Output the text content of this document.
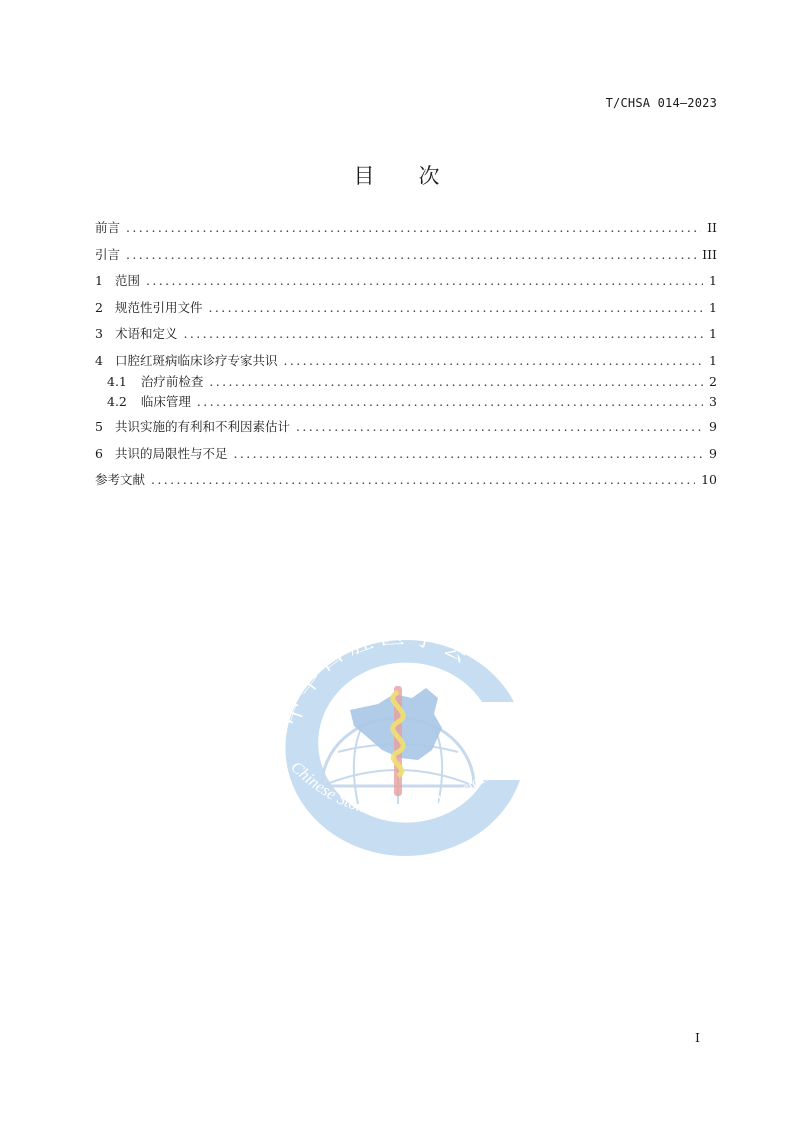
T/CHSA 014—2023
目 次
前言 .....	II
引言 .....	III
1 范围 .....	1
2 规范性引用文件 .....	1
3 术语和定义 .....	1
4 口腔红斑病临床诊疗专家共识 .....	1
4.1 治疗前检查 .....	2
4.2 临床管理 .....	3
5 共识实施的有利和不利因素估计 .....	9
6 共识的局限性与不足 .....	9
参考文献 .....	10
中华口腔医学会
Chinese Stomatological Association
I
